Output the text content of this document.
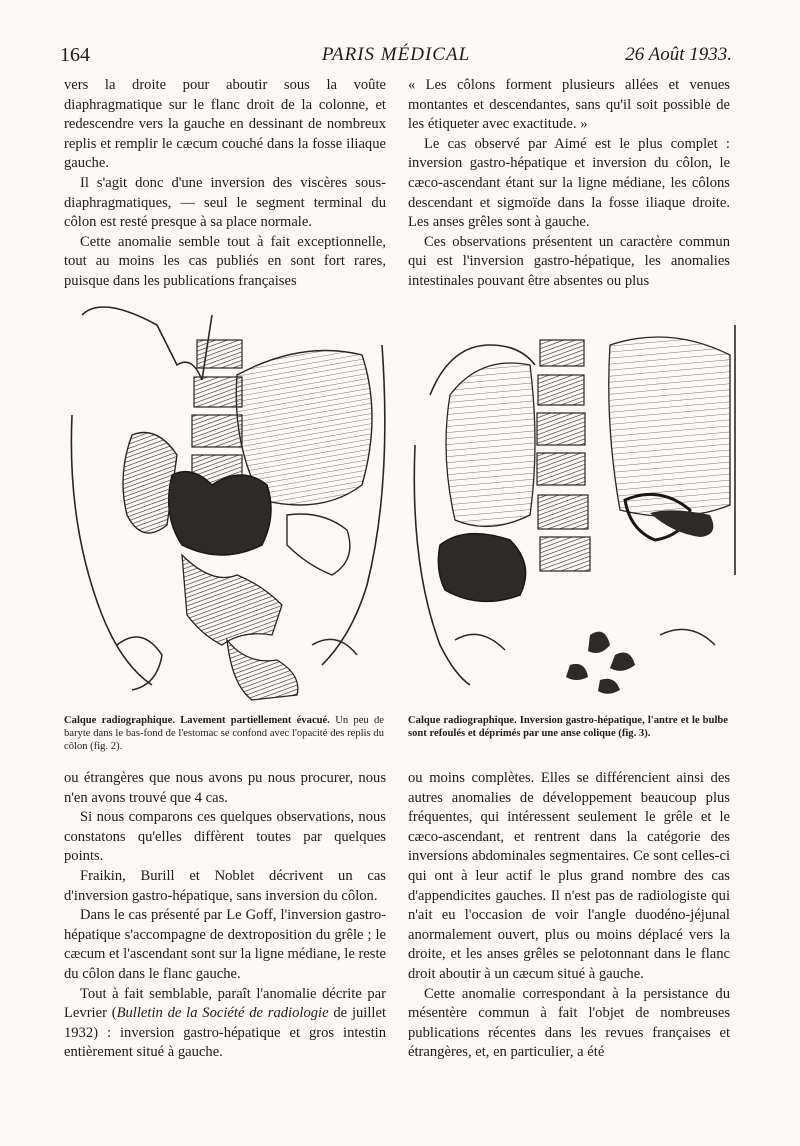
164	PARIS MÉDICAL	26 Août 1933.

vers la droite pour aboutir sous la voûte diaphragmatique sur le flanc droit de la colonne, et redescendre vers la gauche en dessinant de nombreux replis et remplir le cæcum couché dans la fosse iliaque gauche.

Il s'agit donc d'une inversion des viscères sous-diaphragmatiques, — seul le segment terminal du côlon est resté presque à sa place normale.

Cette anomalie semble tout à fait exceptionnelle, tout au moins les cas publiés en sont fort rares, puisque dans les publications françaises

« Les côlons forment plusieurs allées et venues montantes et descendantes, sans qu'il soit possible de les étiqueter avec exactitude. »

Le cas observé par Aimé est le plus complet : inversion gastro-hépatique et inversion du côlon, le cæco-ascendant étant sur la ligne médiane, les côlons descendant et sigmoïde dans la fosse iliaque droite. Les anses grêles sont à gauche.

Ces observations présentent un caractère commun qui est l'inversion gastro-hépatique, les anomalies intestinales pouvant être absentes ou plus

Calque radiographique. Lavement partiellement évacué. Un peu de baryte dans le bas-fond de l'estomac se confond avec l'opacité des replis du côlon (fig. 2).
Calque radiographique. Inversion gastro-hépatique, l'antre et le bulbe sont refoulés et déprimés par une anse colique (fig. 3).

ou étrangères que nous avons pu nous procurer, nous n'en avons trouvé que 4 cas.

Si nous comparons ces quelques observations, nous constatons qu'elles diffèrent toutes par quelques points.

Fraikin, Burill et Noblet décrivent un cas d'inversion gastro-hépatique, sans inversion du côlon.

Dans le cas présenté par Le Goff, l'inversion gastro-hépatique s'accompagne de dextroposition du grêle ; le cæcum et l'ascendant sont sur la ligne médiane, le reste du côlon dans le flanc gauche.

Tout à fait semblable, paraît l'anomalie décrite par Levrier (Bulletin de la Société de radiologie de juillet 1932) : inversion gastro-hépatique et gros intestin entièrement situé à gauche.

ou moins complètes. Elles se différencient ainsi des autres anomalies de développement beaucoup plus fréquentes, qui intéressent seulement le grêle et le cæco-ascendant, et rentrent dans la catégorie des inversions abdominales segmentaires. Ce sont celles-ci qui ont à leur actif le plus grand nombre des cas d'appendicites gauches. Il n'est pas de radiologiste qui n'ait eu l'occasion de voir l'angle duodéno-jéjunal anormalement ouvert, plus ou moins déplacé vers la droite, et les anses grêles se pelotonnant dans le flanc droit aboutir à un cæcum situé à gauche.

Cette anomalie correspondant à la persistance du mésentère commun à fait l'objet de nombreuses publications récentes dans les revues françaises et étrangères, et, en particulier, a été
